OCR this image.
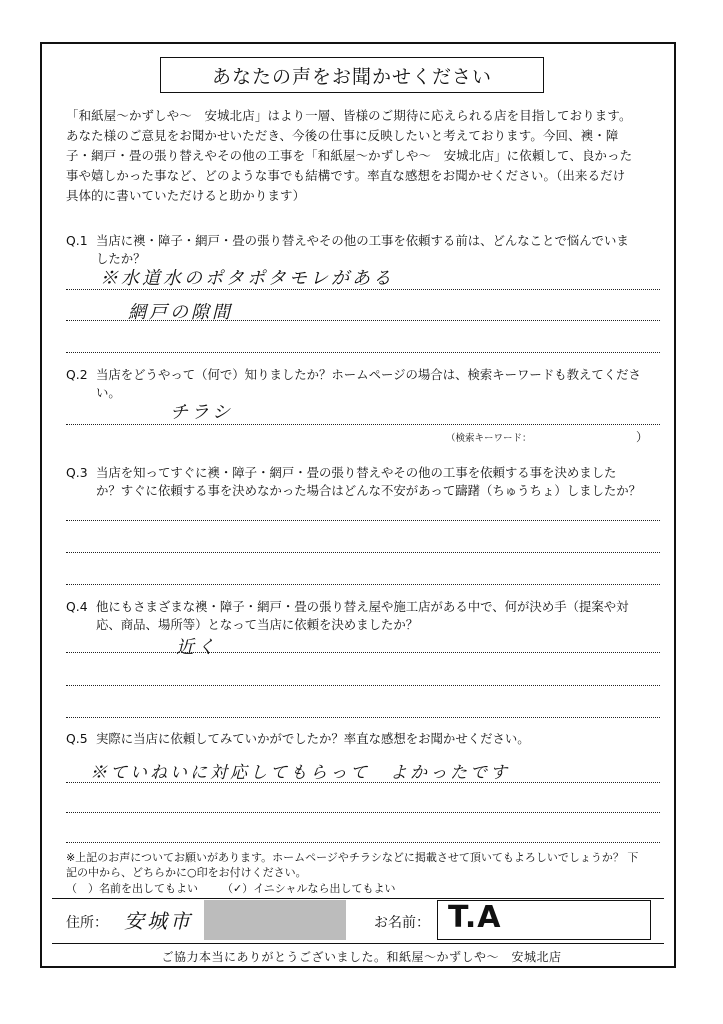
あなたの声をお聞かせください
「和紙屋～かずしや～　安城北店」はより一層、皆様のご期待に応えられる店を目指しております。
あなた様のご意見をお聞かせいただき、今後の仕事に反映したいと考えております。今回、襖・障
子・網戸・畳の張り替えやその他の工事を「和紙屋～かずしや～　安城北店」に依頼して、良かった
事や嬉しかった事など、どのような事でも結構です。率直な感想をお聞かせください。（出来るだけ
具体的に書いていただけると助かります）
Q.1 当店に襖・障子・網戸・畳の張り替えやその他の工事を依頼する前は、どんなことで悩んでいま
したか？
※水道水のポタポタモレがある
網戸の隙間
Q.2 当店をどうやって（何で）知りましたか？ホームページの場合は、検索キーワードも教えてくださ
い。
チラシ
（検索キーワード：	）
Q.3 当店を知ってすぐに襖・障子・網戸・畳の張り替えやその他の工事を依頼する事を決めました
か？すぐに依頼する事を決めなかった場合はどんな不安があって躊躇（ちゅうちょ）しましたか？
Q.4 他にもさまざまな襖・障子・網戸・畳の張り替え屋や施工店がある中で、何が決め手（提案や対
応、商品、場所等）となって当店に依頼を決めましたか？
近く
Q.5 実際に当店に依頼してみていかがでしたか？率直な感想をお聞かせください。
※ていねいに対応してもらって　よかったです
※上記のお声についてお願いがあります。ホームページやチラシなどに掲載させて頂いてもよろしいでしょうか？ 下
記の中から、どちらかに○印をお付けください。
（　）名前を出してもよい （✓）イニシャルなら出してもよい
住所： 安城市	お名前： T.A
ご協力本当にありがとうございました。和紙屋～かずしや～　安城北店
